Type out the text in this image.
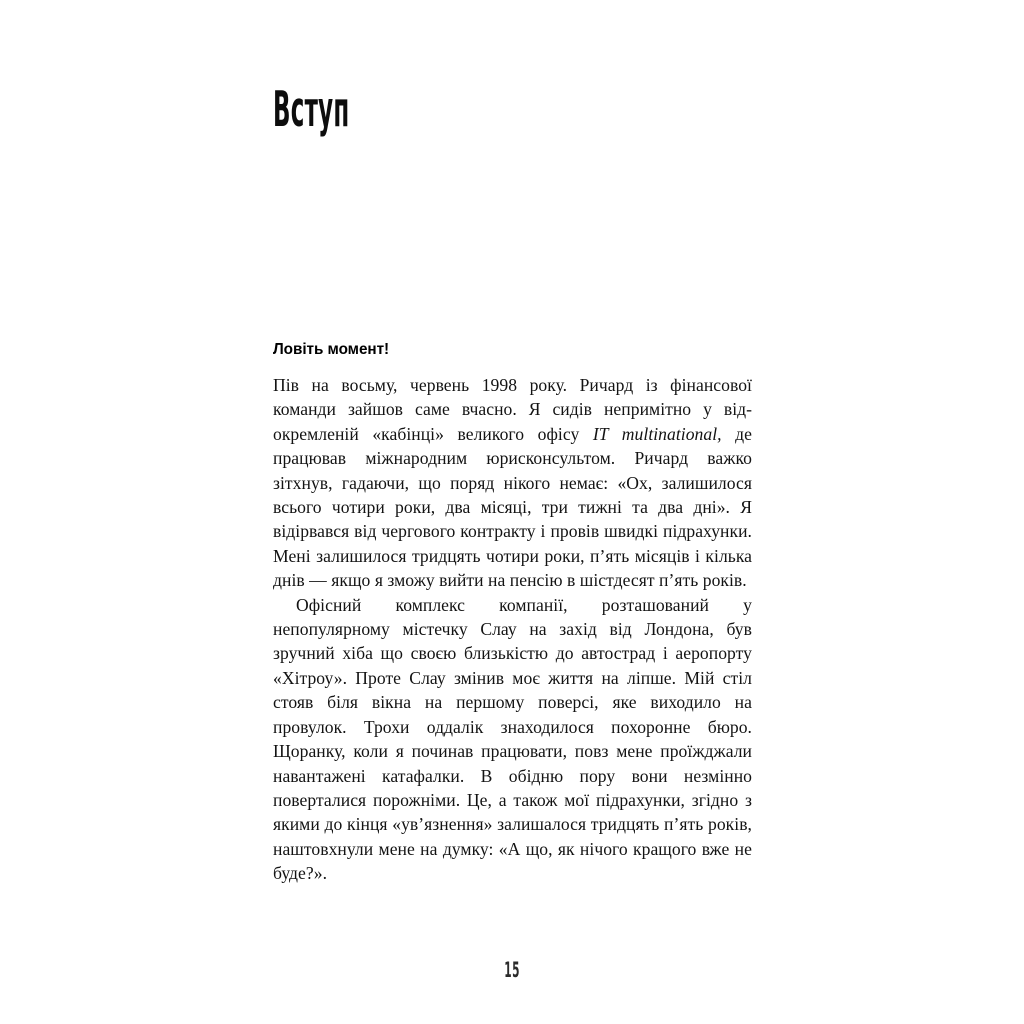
Вступ
Ловіть момент!

Пів на восьму, червень 1998 року. Ричард із фінансової команди зайшов саме вчасно. Я сидів непримітно у відокремленій «кабінці» великого офісу IT multinational, де працював міжнародним юрисконсультом. Ричард важко зітхнув, гадаючи, що поряд нікого немає: «Ох, залишилося всього чотири роки, два місяці, три тижні та два дні». Я відірвався від чергового контракту і провів швидкі підрахунки. Мені залишилося тридцять чотири роки, п’ять місяців і кілька днів — якщо я зможу вийти на пенсію в шістдесят п’ять років.

Офісний комплекс компанії, розташований у непопулярному містечку Слау на захід від Лондона, був зручний хіба що своєю близькістю до автострад і аеропорту «Хітроу». Проте Слау змінив моє життя на ліпше. Мій стіл стояв біля вікна на першому поверсі, яке виходило на провулок. Трохи оддалік знаходилося похоронне бюро. Щоранку, коли я починав працювати, повз мене проїжджали навантажені катафалки. В обідню пору вони незмінно поверталися порожніми. Це, а також мої підрахунки, згідно з якими до кінця «ув’язнення» залишалося тридцять п’ять років, наштовхнули мене на думку: «А що, як нічого кращого вже не буде?».

15
